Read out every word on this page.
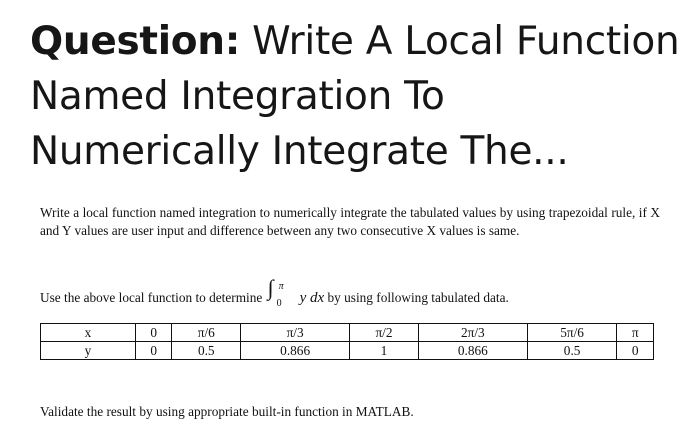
Question: Write A Local Function Named Integration To Numerically Integrate The...

Write a local function named integration to numerically integrate the tabulated values by using trapezoidal rule, if X and Y values are user input and difference between any two consecutive X values is same.

Use the above local function to determine ∫ π
0 y dx by using following tabulated data.
x	0	π/6	π/3	π/2	2π/3	5π/6	π
y	0	0.5	0.866	1	0.866	0.5	0
Validate the result by using appropriate built-in function in MATLAB.
